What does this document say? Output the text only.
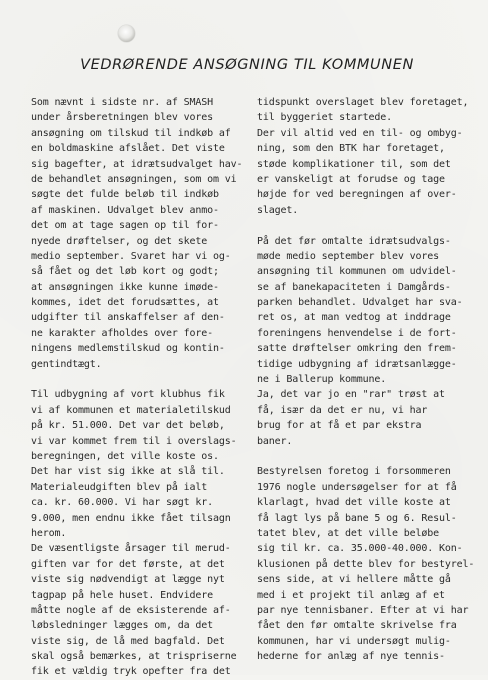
VEDRØRENDE ANSØGNING TIL KOMMUNEN
Som nævnt i sidste nr. af SMASH
under årsberetningen blev vores
ansøgning om tilskud til indkøb af
en boldmaskine afslået. Det viste
sig bagefter, at idrætsudvalget hav-
de behandlet ansøgningen, som om vi
søgte det fulde beløb til indkøb
af maskinen. Udvalget blev anmo-
det om at tage sagen op til for-
nyede drøftelser, og det skete
medio september. Svaret har vi og-
så fået og det løb kort og godt;
at ansøgningen ikke kunne imøde-
kommes, idet det forudsættes, at
udgifter til anskaffelser af den-
ne karakter afholdes over fore-
ningens medlemstilskud og kontin-
gentindtægt.
Til udbygning af vort klubhus fik
vi af kommunen et materialetilskud
på kr. 51.000. Det var det beløb,
vi var kommet frem til i overslags-
beregningen, det ville koste os.
Det har vist sig ikke at slå til.
Materialeudgiften blev på ialt
ca. kr. 60.000. Vi har søgt kr.
9.000, men endnu ikke fået tilsagn
herom.
De væsentligste årsager til merud-
giften var for det første, at det
viste sig nødvendigt at lægge nyt
tagpap på hele huset. Endvidere
måtte nogle af de eksisterende af-
løbsledninger lægges om, da det
viste sig, de lå med bagfald. Det
skal også bemærkes, at trispriserne
fik et vældig tryk opefter fra det
tidspunkt overslaget blev foretaget,
til byggeriet startede.
Der vil altid ved en til- og ombyg-
ning, som den BTK har foretaget,
støde komplikationer til, som det
er vanskeligt at forudse og tage
højde for ved beregningen af over-
slaget.
På det før omtalte idrætsudvalgs-
møde medio september blev vores
ansøgning til kommunen om udvidel-
se af banekapaciteten i Damgårds-
parken behandlet. Udvalget har sva-
ret os, at man vedtog at inddrage
foreningens henvendelse i de fort-
satte drøftelser omkring den frem-
tidige udbygning af idrætsanlægge-
ne i Ballerup kommune.
Ja, det var jo en "rar" trøst at
få, især da det er nu, vi har
brug for at få et par ekstra
baner.
Bestyrelsen foretog i forsommeren
1976 nogle undersøgelser for at få
klarlagt, hvad det ville koste at
få lagt lys på bane 5 og 6. Resul-
tatet blev, at det ville beløbe
sig til kr. ca. 35.000-40.000. Kon-
klusionen på dette blev for bestyrel-
sens side, at vi hellere måtte gå
med i et projekt til anlæg af et
par nye tennisbaner. Efter at vi har
fået den før omtalte skrivelse fra
kommunen, har vi undersøgt mulig-
hederne for anlæg af nye tennis-
